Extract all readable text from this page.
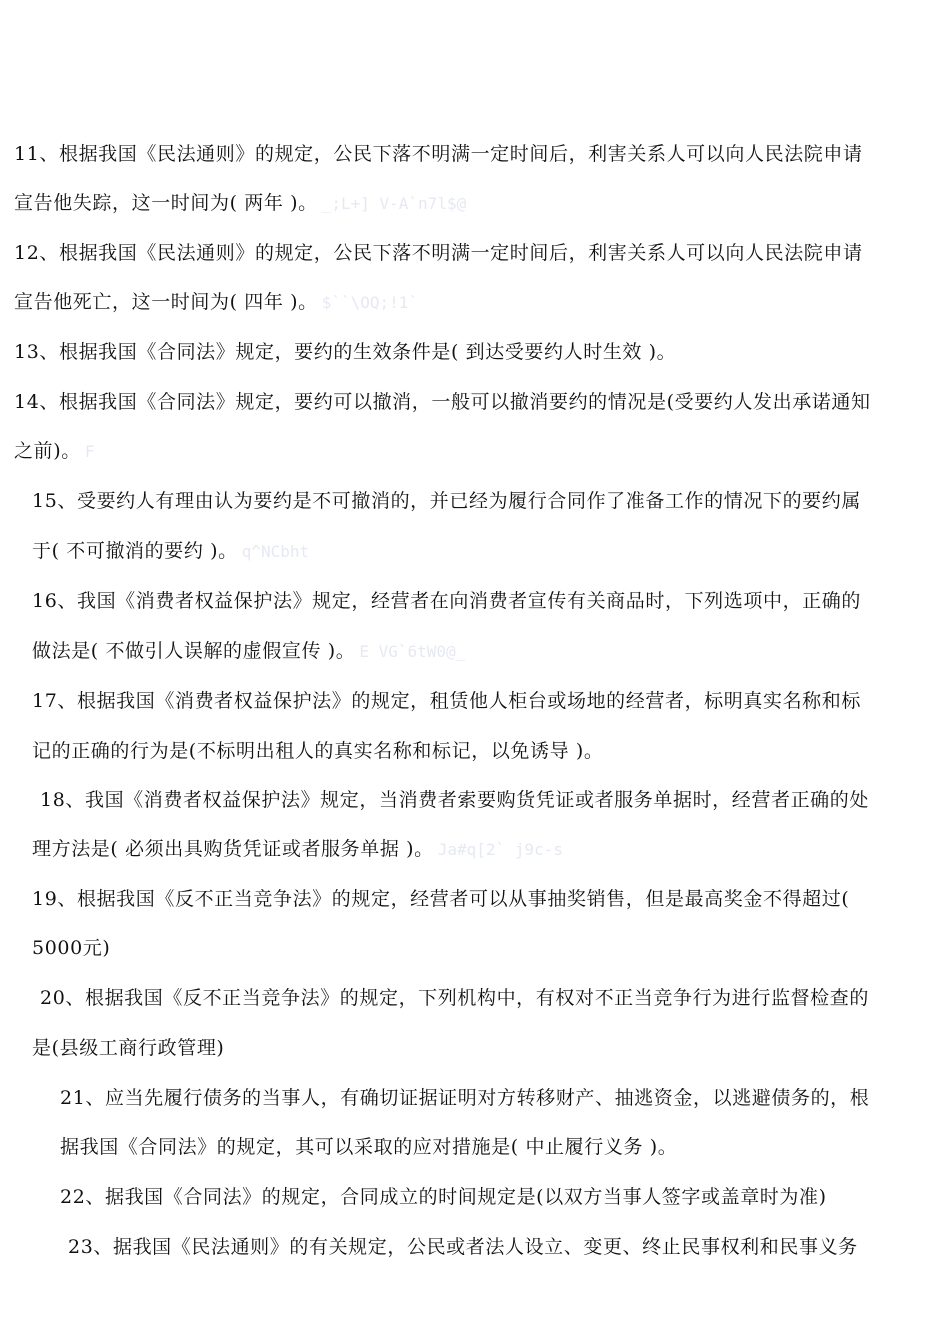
11、根据我国《民法通则》的规定，公民下落不明满一定时间后，利害关系人可以向人民法院申请
宣告他失踪，这一时间为( 两年 )。 _;L+] V-A`n7l$@
12、根据我国《民法通则》的规定，公民下落不明满一定时间后，利害关系人可以向人民法院申请
宣告他死亡，这一时间为( 四年 )。 $``\OQ;!1`
13、根据我国《合同法》规定，要约的生效条件是( 到达受要约人时生效 )。
14、根据我国《合同法》规定，要约可以撤消，一般可以撤消要约的情况是(受要约人发出承诺通知
之前)。 F
15、受要约人有理由认为要约是不可撤消的，并已经为履行合同作了准备工作的情况下的要约属
于( 不可撤消的要约 )。 q^NCbht
16、我国《消费者权益保护法》规定，经营者在向消费者宣传有关商品时，下列选项中，正确的
做法是( 不做引人误解的虚假宣传 )。 E VG`6tW0@_
17、根据我国《消费者权益保护法》的规定，租赁他人柜台或场地的经营者，标明真实名称和标
记的正确的行为是(不标明出租人的真实名称和标记，以免诱导 )。
18、我国《消费者权益保护法》规定，当消费者索要购货凭证或者服务单据时，经营者正确的处
理方法是( 必须出具购货凭证或者服务单据 )。 Ja#q[2` j9c-s
19、根据我国《反不正当竞争法》的规定，经营者可以从事抽奖销售，但是最高奖金不得超过(
5000元)
20、根据我国《反不正当竞争法》的规定，下列机构中，有权对不正当竞争行为进行监督检查的
是(县级工商行政管理)
21、应当先履行债务的当事人，有确切证据证明对方转移财产、抽逃资金，以逃避债务的，根
据我国《合同法》的规定，其可以采取的应对措施是( 中止履行义务 )。
22、据我国《合同法》的规定，合同成立的时间规定是(以双方当事人签字或盖章时为准)
23、据我国《民法通则》的有关规定，公民或者法人设立、变更、终止民事权利和民事义务
